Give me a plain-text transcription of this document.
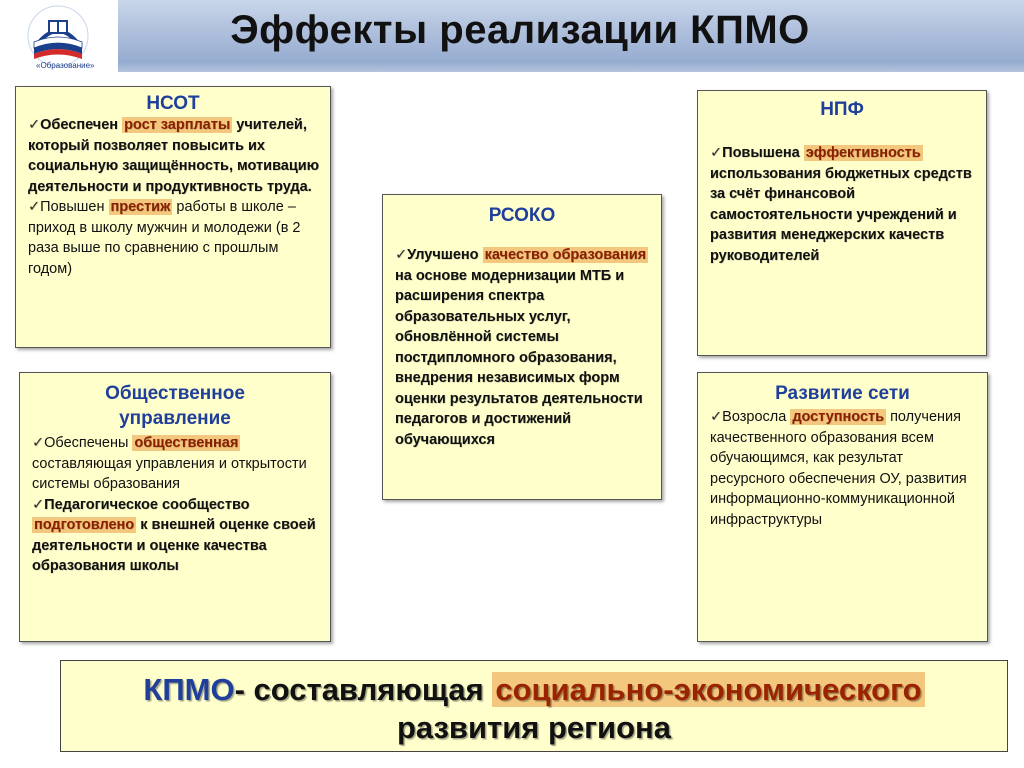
«Образование»
Эффекты реализации КПМО
НСОТ
✓Обеспечен рост зарплаты учителей, который позволяет повысить их социальную защищённость, мотивацию деятельности и продуктивность труда.
✓Повышен престиж работы в школе – приход в школу мужчин и молодежи (в 2 раза выше по сравнению с прошлым годом)
РСОКО
✓Улучшено качество образования на основе модернизации МТБ и расширения спектра образовательных услуг, обновлённой системы постдипломного образования, внедрения независимых форм оценки результатов деятельности педагогов и достижений обучающихся
НПФ
✓Повышена эффективность использования бюджетных средств за счёт финансовой самостоятельности учреждений и развития менеджерских качеств руководителей
Общественное управление
✓Обеспечены общественная составляющая управления и открытости системы образования
✓Педагогическое сообщество подготовлено к внешней оценке своей деятельности и оценке качества образования школы
Развитие сети
✓Возросла доступность получения качественного образования всем обучающимся, как результат ресурсного обеспечения ОУ, развития информационно-коммуникационной инфраструктуры
КПМО- составляющая социально-экономического
развития региона
